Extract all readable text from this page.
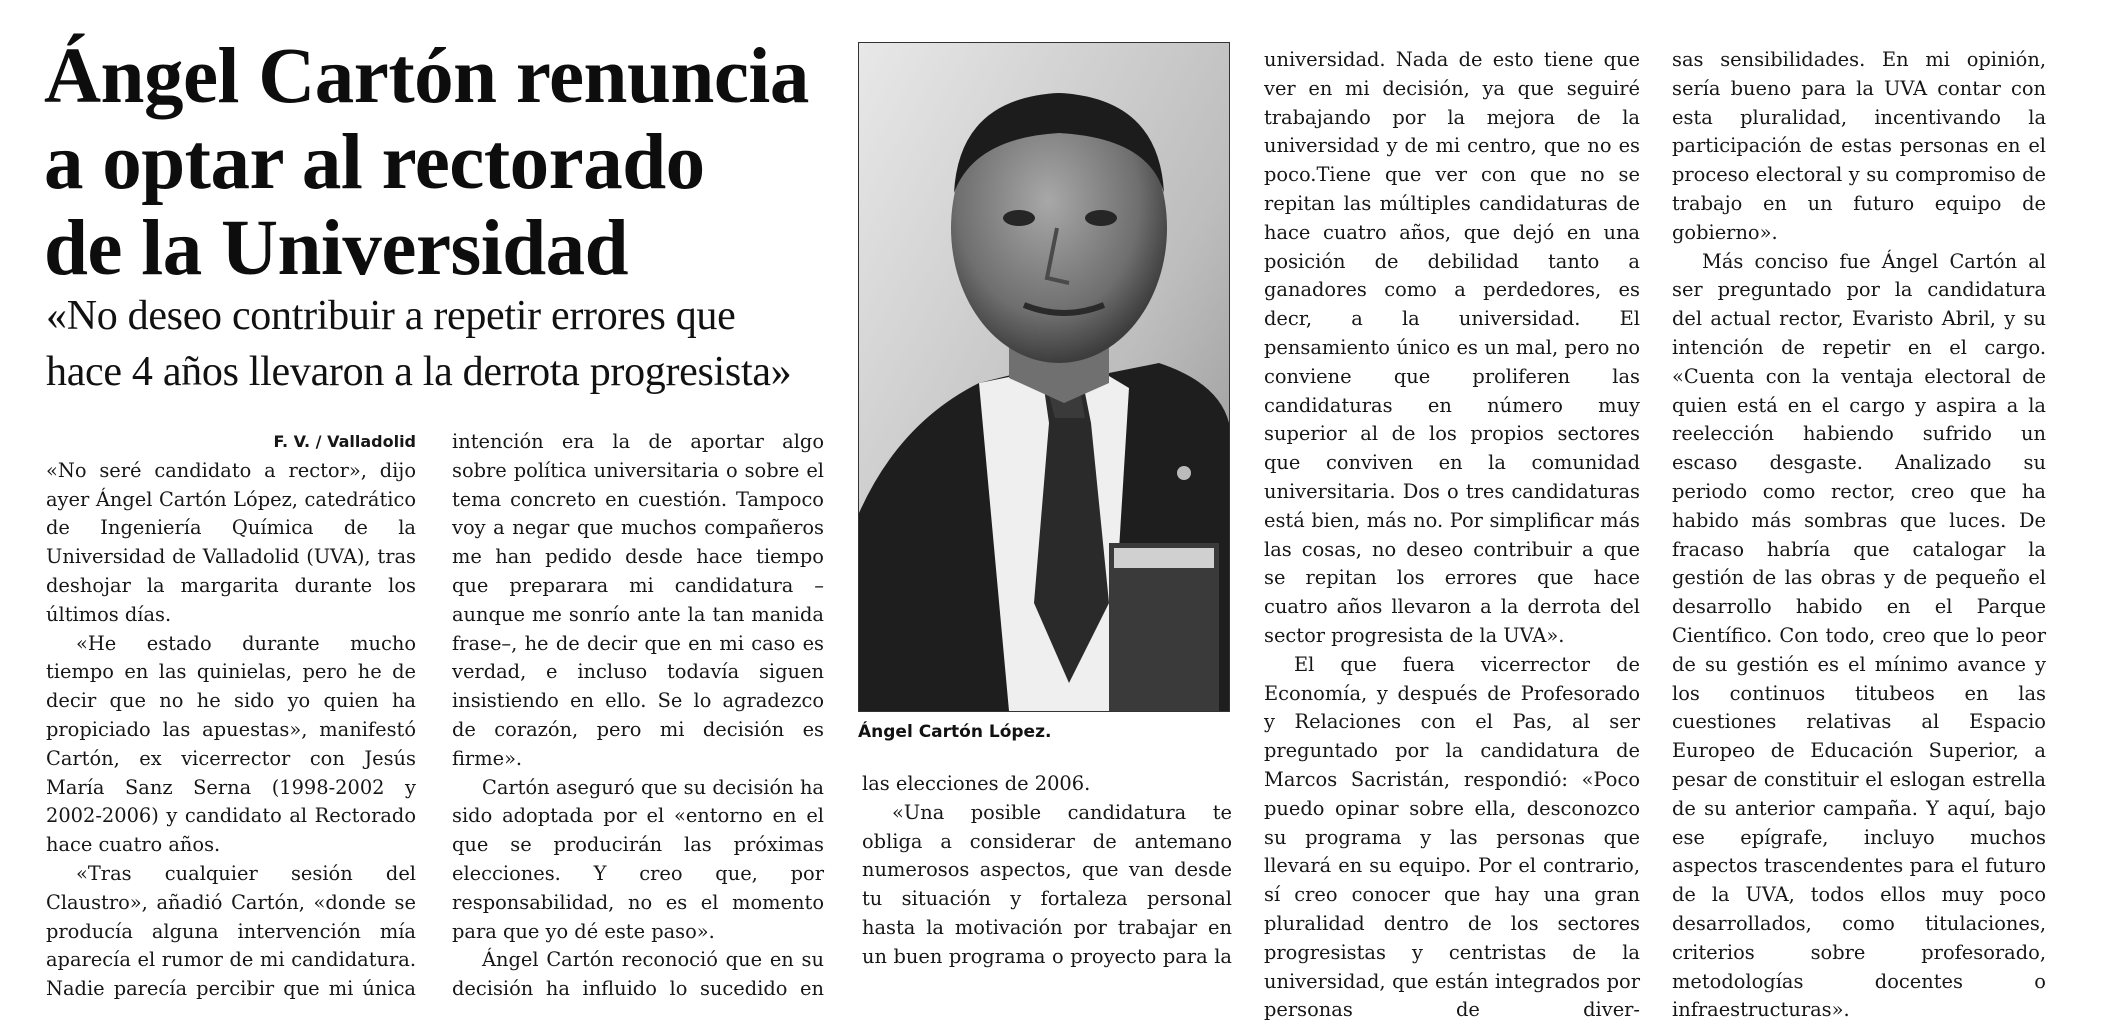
Ángel Cartón renuncia
a optar al rectorado
de la Universidad
«No deseo contribuir a repetir errores que
hace 4 años llevaron a la derrota progresista»

F. V. / Valladolid

«No seré candidato a rector», dijo ayer Ángel Cartón López, catedrático de Ingeniería Química de la Universidad de Valladolid (UVA), tras deshojar la margarita durante los últimos días.

«He estado durante mucho tiempo en las quinielas, pero he de decir que no he sido yo quien ha propiciado las apuestas», manifestó Cartón, ex vicerrector con Jesús María Sanz Serna (1998-2002 y 2002-2006) y candidato al Rectorado hace cuatro años.

«Tras cualquier sesión del Claustro», añadió Cartón, «donde se producía alguna intervención mía aparecía el rumor de mi candidatura. Nadie parecía percibir que mi única

intención era la de aportar algo sobre política universitaria o sobre el tema concreto en cuestión. Tampoco voy a negar que muchos compañeros me han pedido desde hace tiempo que preparara mi candidatura –aunque me sonrío ante la tan manida frase–, he de decir que en mi caso es verdad, e incluso todavía siguen insistiendo en ello. Se lo agradezco de corazón, pero mi decisión es firme».

Cartón aseguró que su decisión ha sido adoptada por el «entorno en el que se producirán las próximas elecciones. Y creo que, por responsabilidad, no es el momento para que yo dé este paso».

Ángel Cartón reconoció que en su decisión ha influido lo sucedido en

Ángel Cartón López.

las elecciones de 2006.

«Una posible candidatura te obliga a considerar de antemano numerosos aspectos, que van desde tu situación y fortaleza personal hasta la motivación por trabajar en un buen programa o proyecto para la

universidad. Nada de esto tiene que ver en mi decisión, ya que seguiré trabajando por la mejora de la universidad y de mi centro, que no es poco.Tiene que ver con que no se repitan las múltiples candidaturas de hace cuatro años, que dejó en una posición de debilidad tanto a ganadores como a perdedores, es decr, a la universidad. El pensamiento único es un mal, pero no conviene que proliferen las candidaturas en número muy superior al de los propios sectores que conviven en la comunidad universitaria. Dos o tres candidaturas está bien, más no. Por simplificar más las cosas, no deseo contribuir a que se repitan los errores que hace cuatro años llevaron a la derrota del sector progresista de la UVA».

El que fuera vicerrector de Economía, y después de Profesorado y Relaciones con el Pas, al ser preguntado por la candidatura de Marcos Sacristán, respondió: «Poco puedo opinar sobre ella, desconozco su programa y las personas que llevará en su equipo. Por el contrario, sí creo conocer que hay una gran pluralidad dentro de los sectores progresistas y centristas de la universidad, que están integrados por personas de diver-

sas sensibilidades. En mi opinión, sería bueno para la UVA contar con esta pluralidad, incentivando la participación de estas personas en el proceso electoral y su compromiso de trabajo en un futuro equipo de gobierno».

Más conciso fue Ángel Cartón al ser preguntado por la candidatura del actual rector, Evaristo Abril, y su intención de repetir en el cargo. «Cuenta con la ventaja electoral de quien está en el cargo y aspira a la reelección habiendo sufrido un escaso desgaste. Analizado su periodo como rector, creo que ha habido más sombras que luces. De fracaso habría que catalogar la gestión de las obras y de pequeño el desarrollo habido en el Parque Científico. Con todo, creo que lo peor de su gestión es el mínimo avance y los continuos titubeos en las cuestiones relativas al Espacio Europeo de Educación Superior, a pesar de constituir el eslogan estrella de su anterior campaña. Y aquí, bajo ese epígrafe, incluyo muchos aspectos trascendentes para el futuro de la UVA, todos ellos muy poco desarrollados, como titulaciones, criterios sobre profesorado, metodologías docentes o infraestructuras».
